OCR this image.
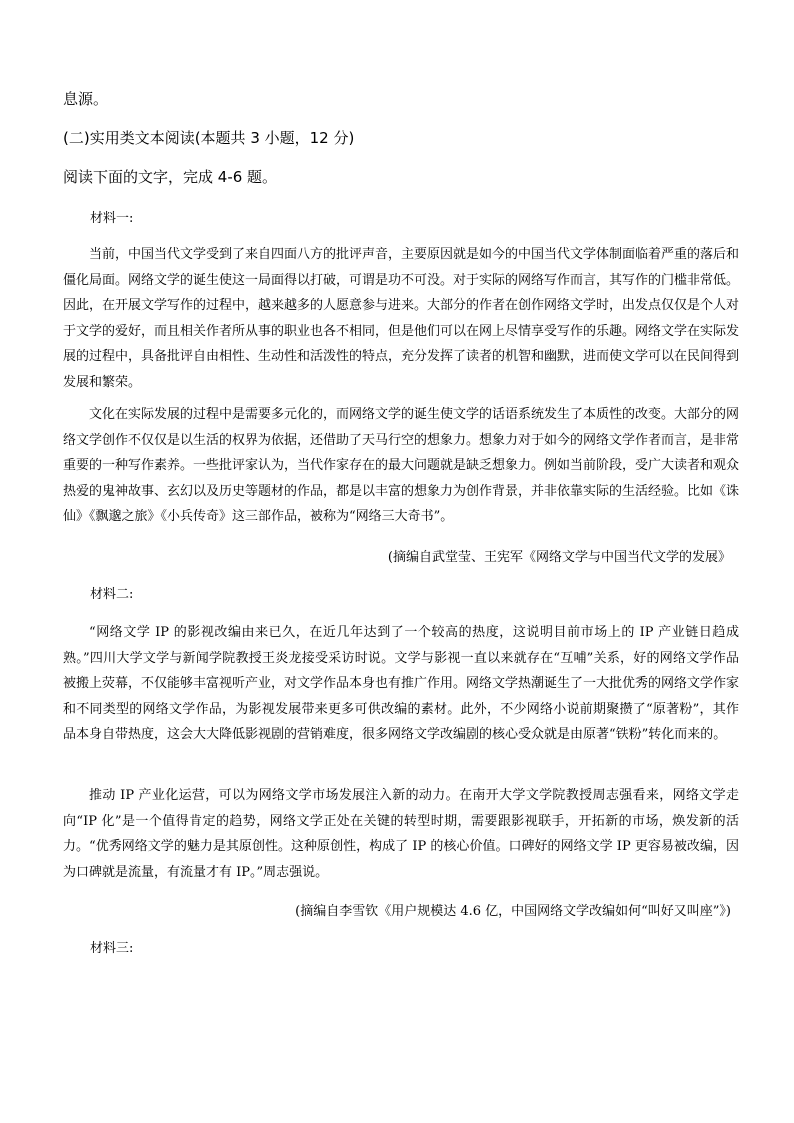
息源。
(二)实用类文本阅读(本题共 3 小题，12 分)
阅读下面的文字，完成 4-6 题。
材料一:

当前，中国当代文学受到了来自四面八方的批评声音，主要原因就是如今的中国当代文学体制面临着严重的落后和僵化局面。网络文学的诞生使这一局面得以打破，可谓是功不可没。对于实际的网络写作而言，其写作的门槛非常低。因此，在开展文学写作的过程中，越来越多的人愿意参与进来。大部分的作者在创作网络文学时，出发点仅仅是个人对于文学的爱好，而且相关作者所从事的职业也各不相同，但是他们可以在网上尽情享受写作的乐趣。网络文学在实际发展的过程中，具备批评自由相性、生动性和活泼性的特点，充分发挥了读者的机智和幽默，进而使文学可以在民间得到发展和繁荣。

文化在实际发展的过程中是需要多元化的，而网络文学的诞生使文学的话语系统发生了本质性的改变。大部分的网络文学创作不仅仅是以生活的权界为依据，还借助了天马行空的想象力。想象力对于如今的网络文学作者而言，是非常重要的一种写作素养。一些批评家认为，当代作家存在的最大问题就是缺乏想象力。例如当前阶段，受广大读者和观众热爱的鬼神故事、玄幻以及历史等题材的作品，都是以丰富的想象力为创作背景，并非依靠实际的生活经验。比如《诛仙》《飘邈之旅》《小兵传奇》这三部作品，被称为“网络三大奇书”。

(摘编自武堂莹、王宪军《网络文学与中国当代文学的发展》
材料二:

“网络文学 IP 的影视改编由来已久，在近几年达到了一个较高的热度，这说明目前市场上的 IP 产业链日趋成熟。”四川大学文学与新闻学院教授王炎龙接受采访时说。文学与影视一直以来就存在“互哺”关系，好的网络文学作品被搬上荧幕，不仅能够丰富视听产业，对文学作品本身也有推广作用。网络文学热潮诞生了一大批优秀的网络文学作家和不同类型的网络文学作品，为影视发展带来更多可供改编的素材。此外，不少网络小说前期聚攒了“原著粉”，其作品本身自带热度，这会大大降低影视剧的营销难度，很多网络文学改编剧的核心受众就是由原著“铁粉”转化而来的。

推动 IP 产业化运营，可以为网络文学市场发展注入新的动力。在南开大学文学院教授周志强看来，网络文学走向“IP 化”是一个值得肯定的趋势，网络文学正处在关键的转型时期，需要跟影视联手，开拓新的市场，焕发新的活力。“优秀网络文学的魅力是其原创性。这种原创性，构成了 IP 的核心价值。口碑好的网络文学 IP 更容易被改编，因为口碑就是流量，有流量才有 IP。”周志强说。

(摘编自李雪钦《用户规模达 4.6 亿，中国网络文学改编如何“叫好又叫座”》)
材料三:
